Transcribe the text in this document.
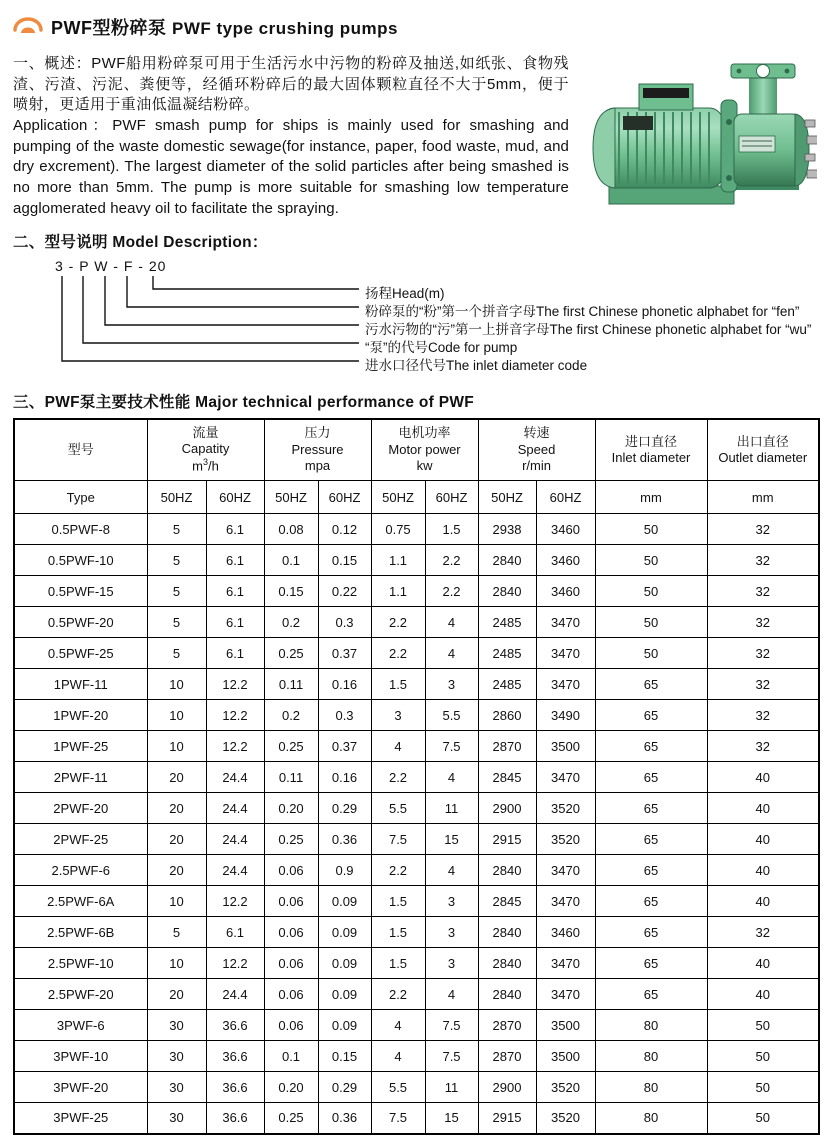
PWF型粉碎泵 PWF type crushing pumps

一、概述：PWF船用粉碎泵可用于生活污水中污物的粉碎及抽送,如纸张、食物残渣、污渣、污泥、粪便等，经循环粉碎后的最大固体颗粒直径不大于5mm，便于喷射，更适用于重油低温凝结粉碎。

Application：PWF smash pump for ships is mainly used for smashing and pumping of the waste domestic sewage(for instance, paper, food waste, mud, and dry excrement). The largest diameter of the solid particles after being smashed is no more than 5mm. The pump is more suitable for smashing low temperature agglomerated heavy oil to facilitate the spraying.

二、型号说明 Model Description：
3 - P W - F - 20
扬程Head(m)
粉碎泵的“粉”第一个拼音字母The first Chinese phonetic alphabet for “fen”
污水污物的“污”第一上拼音字母The first Chinese phonetic alphabet for “wu”
“泵”的代号Code for pump
进水口径代号The inlet diameter code
三、PWF泵主要技术性能 Major technical performance of PWF
型号

流量
Capatity
$m^3/h$

压力
Pressure
mpa

电机功率
Motor power
kw

转速
Speed
r/min

进口直径
Inlet diameter

出口直径
Outlet diameter

Type	50HZ	60HZ	50HZ	60HZ	50HZ	60HZ	50HZ	60HZ	mm	mm
0.5PWF-8	5	6.1	0.08	0.12	0.75	1.5	2938	3460	50	32
0.5PWF-10	5	6.1	0.1	0.15	1.1	2.2	2840	3460	50	32
0.5PWF-15	5	6.1	0.15	0.22	1.1	2.2	2840	3460	50	32
0.5PWF-20	5	6.1	0.2	0.3	2.2	4	2485	3470	50	32
0.5PWF-25	5	6.1	0.25	0.37	2.2	4	2485	3470	50	32
1PWF-11	10	12.2	0.11	0.16	1.5	3	2485	3470	65	32
1PWF-20	10	12.2	0.2	0.3	3	5.5	2860	3490	65	32
1PWF-25	10	12.2	0.25	0.37	4	7.5	2870	3500	65	32
2PWF-11	20	24.4	0.11	0.16	2.2	4	2845	3470	65	40
2PWF-20	20	24.4	0.20	0.29	5.5	11	2900	3520	65	40
2PWF-25	20	24.4	0.25	0.36	7.5	15	2915	3520	65	40
2.5PWF-6	20	24.4	0.06	0.9	2.2	4	2840	3470	65	40
2.5PWF-6A	10	12.2	0.06	0.09	1.5	3	2845	3470	65	40
2.5PWF-6B	5	6.1	0.06	0.09	1.5	3	2840	3460	65	32
2.5PWF-10	10	12.2	0.06	0.09	1.5	3	2840	3470	65	40
2.5PWF-20	20	24.4	0.06	0.09	2.2	4	2840	3470	65	40
3PWF-6	30	36.6	0.06	0.09	4	7.5	2870	3500	80	50
3PWF-10	30	36.6	0.1	0.15	4	7.5	2870	3500	80	50
3PWF-20	30	36.6	0.20	0.29	5.5	11	2900	3520	80	50
3PWF-25	30	36.6	0.25	0.36	7.5	15	2915	3520	80	50
